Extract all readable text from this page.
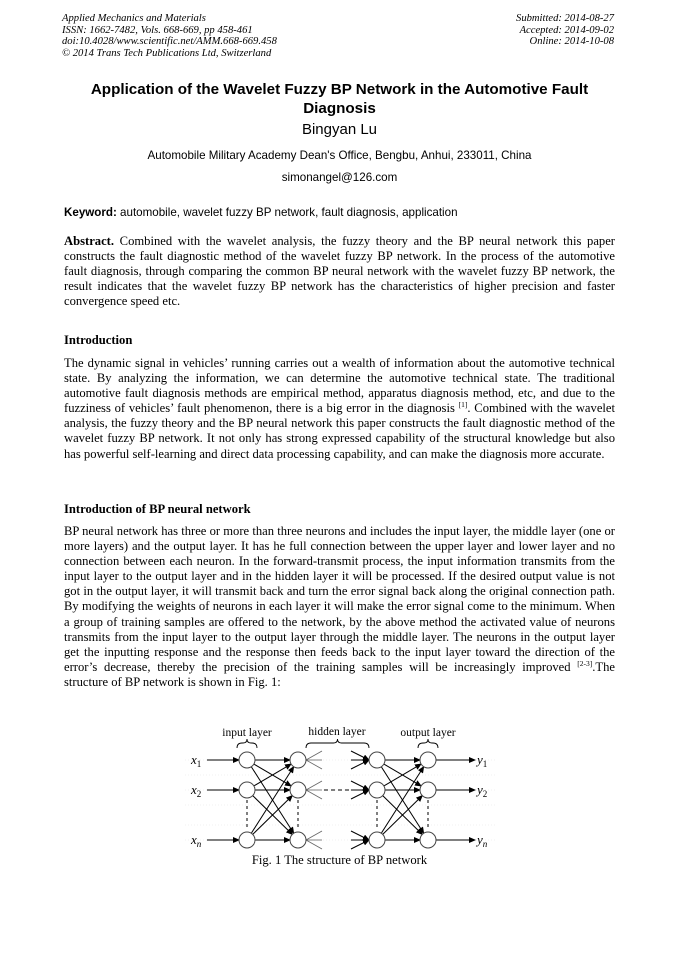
Applied Mechanics and Materials
ISSN: 1662-7482, Vols. 668-669, pp 458-461
doi:10.4028/www.scientific.net/AMM.668-669.458
© 2014 Trans Tech Publications Ltd, Switzerland
Submitted: 2014-08-27
Accepted: 2014-09-02
Online: 2014-10-08
Application of the Wavelet Fuzzy BP Network in the Automotive Fault Diagnosis
Bingyan Lu
Automobile Military Academy Dean's Office, Bengbu, Anhui, 233011, China
simonangel@126.com
Keyword: automobile, wavelet fuzzy BP network, fault diagnosis, application
Abstract. Combined with the wavelet analysis, the fuzzy theory and the BP neural network this paper constructs the fault diagnostic method of the wavelet fuzzy BP network. In the process of the automotive fault diagnosis, through comparing the common BP neural network with the wavelet fuzzy BP network, the result indicates that the wavelet fuzzy BP network has the characteristics of higher precision and faster convergence speed etc.
Introduction
The dynamic signal in vehicles’ running carries out a wealth of information about the automotive technical state. By analyzing the information, we can determine the automotive technical state. The traditional automotive fault diagnosis methods are empirical method, apparatus diagnosis method, etc, and due to the fuzziness of vehicles’ fault phenomenon, there is a big error in the diagnosis [1]. Combined with the wavelet analysis, the fuzzy theory and the BP neural network this paper constructs the fault diagnostic method of the wavelet fuzzy BP network. It not only has strong expressed capability of the structural knowledge but also has powerful self-learning and direct data processing capability, and can make the diagnosis more accurate.
Introduction of BP neural network
BP neural network has three or more than three neurons and includes the input layer, the middle layer (one or more layers) and the output layer. It has he full connection between the upper layer and lower layer and no connection between each neuron. In the forward-transmit process, the input information transmits from the input layer to the output layer and in the hidden layer it will be processed. If the desired output value is not got in the output layer, it will transmit back and turn the error signal back along the original connection path. By modifying the weights of neurons in each layer it will make the error signal come to the minimum. When a group of training samples are offered to the network, by the above method the activated value of neurons transmits from the input layer to the output layer through the middle layer. The neurons in the output layer get the inputting response and the response then feeds back to the input layer toward the direction of the error’s decrease, thereby the precision of the training samples will be increasingly improved [2-3].The structure of BP network is shown in Fig. 1:
input layer	hidden layer	output layer
$x_1$	$y_1$
$x_2$	$y_2$
$x_n$	$y_n$
Fig. 1 The structure of BP network
